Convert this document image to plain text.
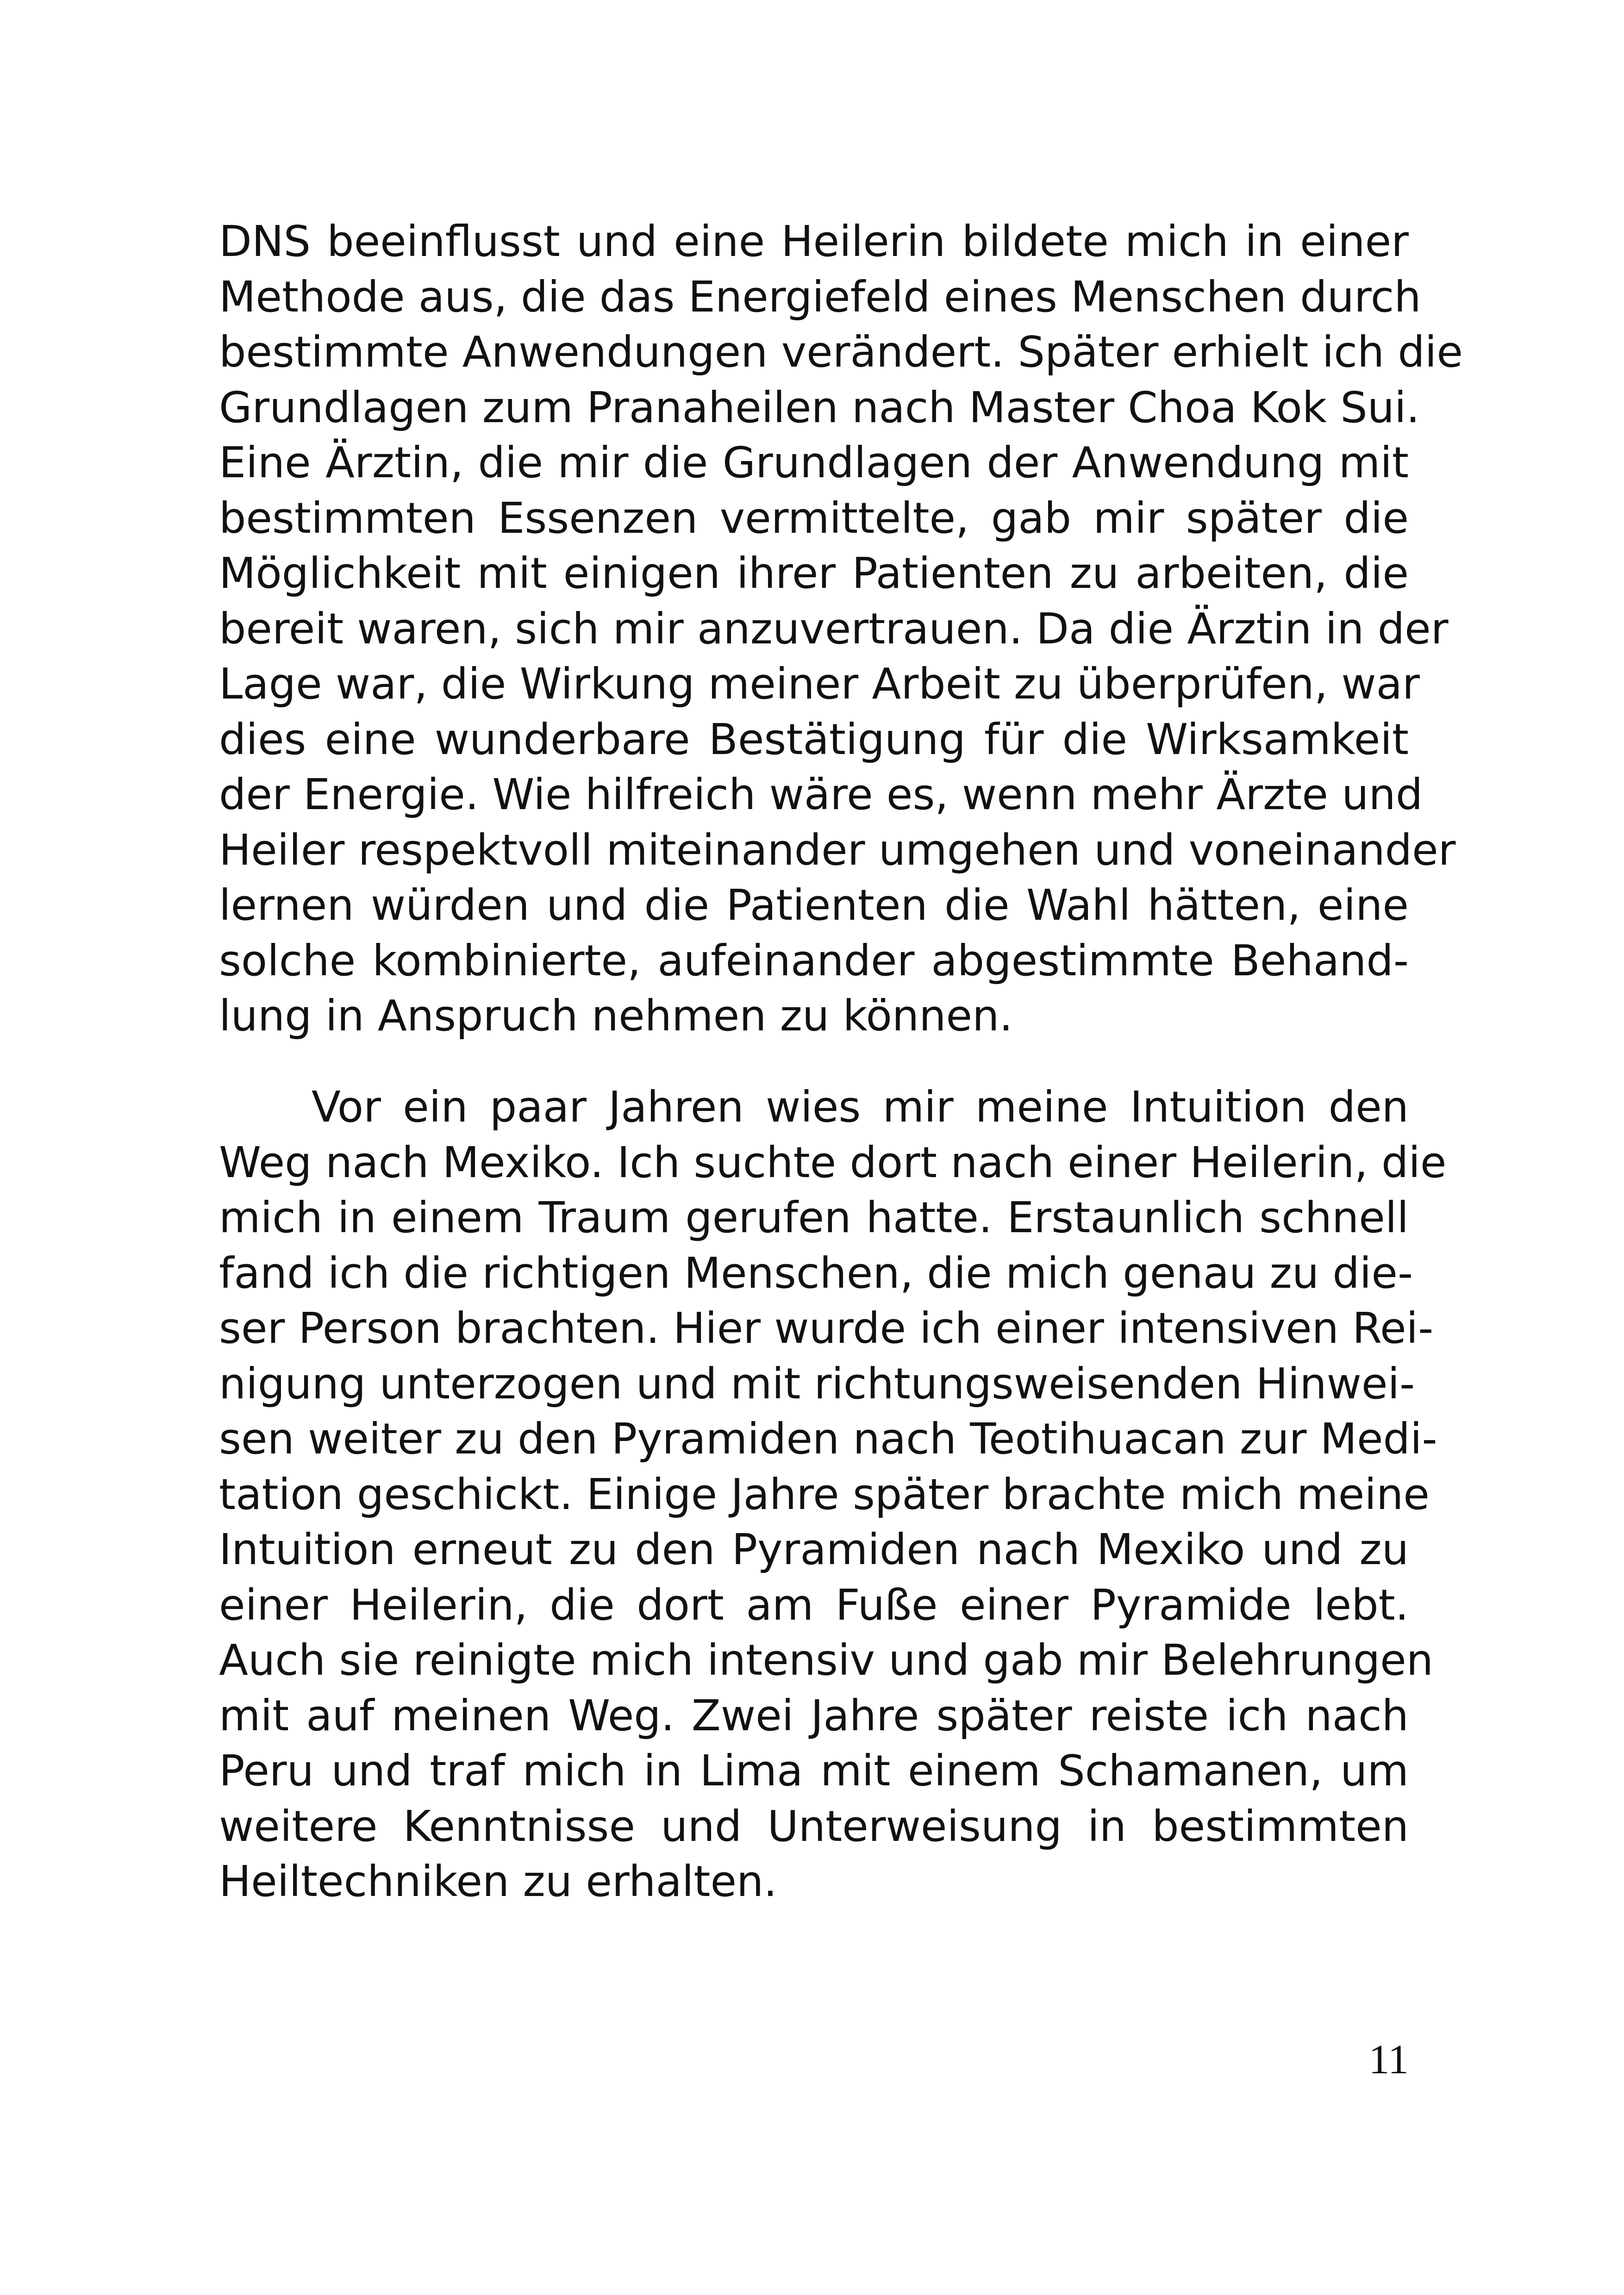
DNS beeinflusst und eine Heilerin bildete mich in einer
Methode aus, die das Energiefeld eines Menschen durch
bestimmte Anwendungen verändert. Später erhielt ich die
Grundlagen zum Pranaheilen nach Master Choa Kok Sui.
Eine Ärztin, die mir die Grundlagen der Anwendung mit
bestimmten Essenzen vermittelte, gab mir später die
Möglichkeit mit einigen ihrer Patienten zu arbeiten, die
bereit waren, sich mir anzuvertrauen. Da die Ärztin in der
Lage war, die Wirkung meiner Arbeit zu überprüfen, war
dies eine wunderbare Bestätigung für die Wirksamkeit
der Energie. Wie hilfreich wäre es, wenn mehr Ärzte und
Heiler respektvoll miteinander umgehen und voneinander
lernen würden und die Patienten die Wahl hätten, eine
solche kombinierte, aufeinander abgestimmte Behand-
lung in Anspruch nehmen zu können.
Vor ein paar Jahren wies mir meine Intuition den
Weg nach Mexiko. Ich suchte dort nach einer Heilerin, die
mich in einem Traum gerufen hatte. Erstaunlich schnell
fand ich die richtigen Menschen, die mich genau zu die-
ser Person brachten. Hier wurde ich einer intensiven Rei-
nigung unterzogen und mit richtungsweisenden Hinwei-
sen weiter zu den Pyramiden nach Teotihuacan zur Medi-
tation geschickt. Einige Jahre später brachte mich meine
Intuition erneut zu den Pyramiden nach Mexiko und zu
einer Heilerin, die dort am Fuße einer Pyramide lebt.
Auch sie reinigte mich intensiv und gab mir Belehrungen
mit auf meinen Weg. Zwei Jahre später reiste ich nach
Peru und traf mich in Lima mit einem Schamanen, um
weitere Kenntnisse und Unterweisung in bestimmten
Heiltechniken zu erhalten.
11
